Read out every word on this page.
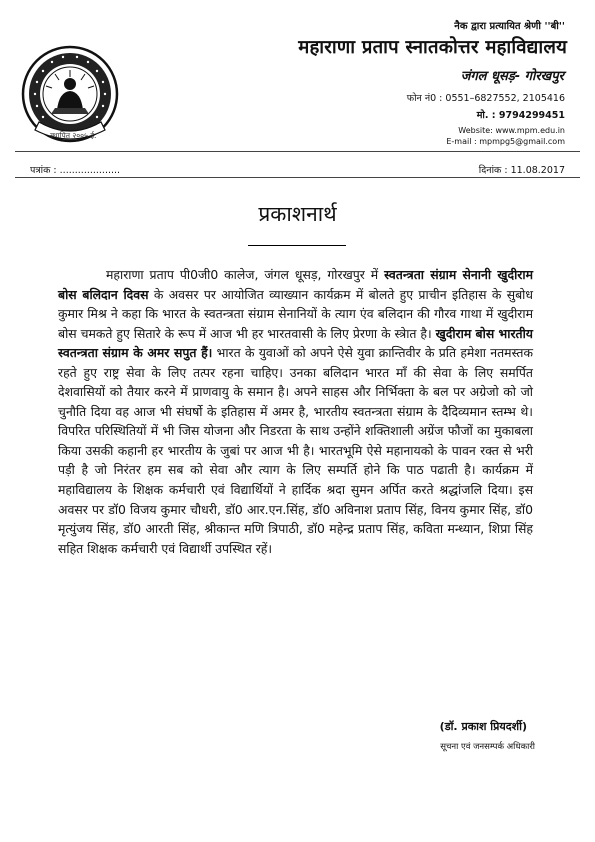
स्थापित २००५ ई.
नैक द्वारा प्रत्यायित श्रेणी ''बी''
महाराणा प्रताप स्नातकोत्तर महाविद्यालय
जंगल धूसड़- गोरखपुर
फोन नं0 : 0551–6827552, 2105416
मो. : 9794299451
Website: www.mpm.edu.in
E-mail : mpmpg5@gmail.com
पत्रांक : ....................	दिनांक : 11.08.2017
प्रकाशनार्थ
महाराणा प्रताप पी0जी0 कालेज, जंगल धूसड़, गोरखपुर में स्वतन्त्रता संग्राम सेनानी खुदीराम बोस बलिदान दिवस के अवसर पर आयोजित व्याख्यान कार्यक्रम में बोलते हुए प्राचीन इतिहास के सुबोध कुमार मिश्र ने कहा कि भारत के स्वतन्त्रता संग्राम सेनानियों के त्याग एंव बलिदान की गौरव गाथा में खुदीराम बोस चमकते हुए सितारे के रूप में आज भी हर भारतवासी के लिए प्रेरणा के स्त्रेात है। खुदीराम बोस भारतीय स्वतन्त्रता संग्राम के अमर सपुत हैं। भारत के युवाओं को अपने ऐसे युवा क्रान्तिवीर के प्रति हमेशा नतमस्तक रहते हुए राष्ट्र सेवा के लिए तत्पर रहना चाहिए। उनका बलिदान भारत माँ की सेवा के लिए समर्पित देशवासियों को तैयार करने में प्राणवायु के समान है। अपने साहस और निर्भिक्ता के बल पर अग्रेजो को जो चुनौति दिया वह आज भी संघर्षो के इतिहास में अमर है, भारतीय स्वतन्त्रता संग्राम के दैदिव्यमान स्तम्भ थे। विपरित परिस्थितियों में भी जिस योजना और निडरता के साथ उन्होंने शक्तिशाली अग्रेंज फौजों का मुकाबला किया उसकी कहानी हर भारतीय के जुबां पर आज भी है। भारतभूमि ऐसे महानायको के पावन रक्त से भरी पड़ी है जो निरंतर हम सब को सेवा और त्याग के लिए सम्पर्ति होने कि पाठ पढाती है। कार्यक्रम में महाविद्यालय के शिक्षक कर्मचारी एवं विद्यार्थियों ने हार्दिक श्रदा सुमन अर्पित करते श्रद्धांजलि दिया। इस अवसर पर डॉ0 विजय कुमार चौधरी, डॉ0 आर.एन.सिंह, डॉ0 अविनाश प्रताप सिंह, विनय कुमार सिंह, डॉ0 मृत्युंजय सिंह, डॉ0 आरती सिंह, श्रीकान्त मणि त्रिपाठी, डॉ0 महेन्द्र प्रताप सिंह, कविता मन्ध्यान, शिप्रा सिंह सहित शिक्षक कर्मचारी एवं विद्यार्थी उपस्थित रहें।
(डॉ. प्रकाश प्रियदर्शी)
सूचना एवं जनसम्पर्क अधिकारी
